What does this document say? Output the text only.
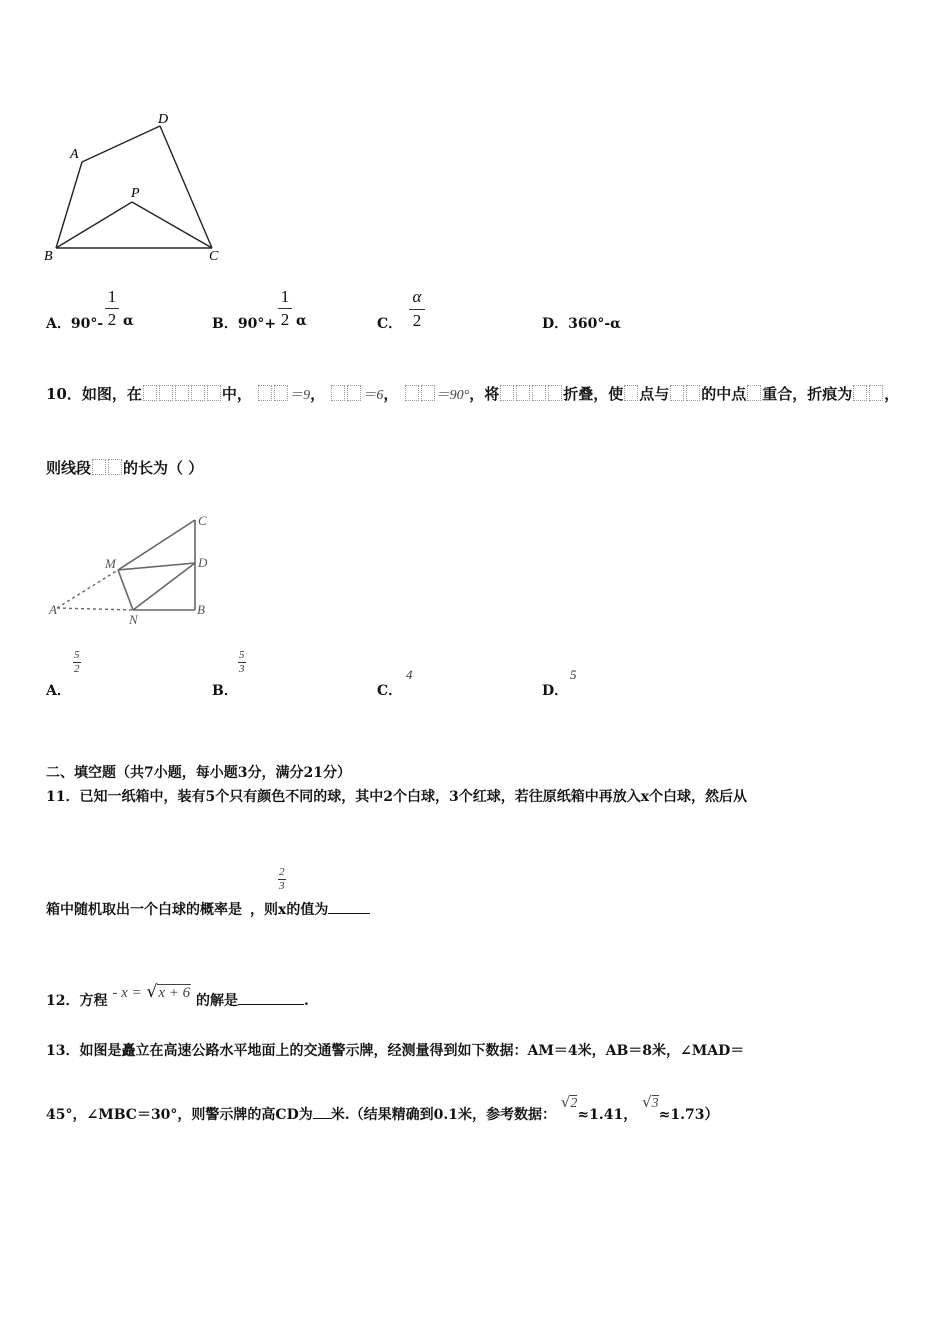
A
D
P
B	C
A．90°-
1
2 α	B．90°+
1
2 α	C．
α
2	D．360°-α
10．如图，在	中，	＝9， ＝6， ＝90°，将	折叠，使 点与 的中点 重合，折痕为 ，
则线段 的长为（ ）
C
M	D
A
N
B
A．
5
2
B．
5
3
C．
4
D．
5
二、填空题（共7小题，每小题3分，满分21分）
11．已知一纸箱中，装有5个只有颜色不同的球，其中2个白球，3个红球，若往原纸箱中再放入x个白球，然后从
2
3
箱中随机取出一个白球的概率是 ，则x的值为
12．方程 - x = √x + 6 的解是	.
13．如图是矗立在高速公路水平地面上的交通警示牌，经测量得到如下数据：AM＝4米，AB＝8米，∠MAD＝
45°，∠MBC＝30°，则警示牌的高CD为 米.（结果精确到0.1米，参考数据： √2≈1.41， √3≈1.73）
